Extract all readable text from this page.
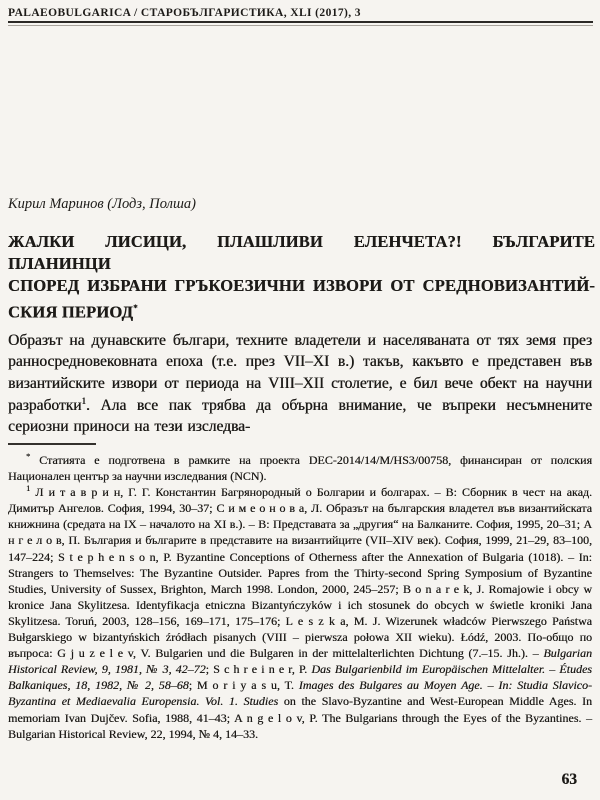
PALAEOBULGARICA / СТАРОБЪЛГАРИСТИКА, XLI (2017), 3
Кирил Маринов (Лодз, Полша)
ЖАЛКИ ЛИСИЦИ, ПЛАШЛИВИ ЕЛЕНЧЕТА?! БЪЛГАРИТЕ ПЛАНИНЦИ
СПОРЕД ИЗБРАНИ ГРЪКОЕЗИЧНИ ИЗВОРИ ОТ СРЕДНОВИЗАНТИЙ-
СКИЯ ПЕРИОД*

Образът на дунавските българи, техните владетели и населяваната от тях земя през ранносредновековната епоха (т.е. през VII–XI в.) такъв, какъвто е представен във византийските извори от периода на VIII–XII столетие, е бил вече обект на научни разработки$^1$. Ала все пак трябва да обърна внимание, че въпреки несъмнените сериозни приноси на тези изследва-

* Статията е подготвена в рамките на проекта DEC-2014/14/M/HS3/00758, финансиран от полския Национален център за научни изследвания (NCN).

$^1$ Л и т а в р и н, Г. Г. Константин Багрянородный о Болгарии и болгарах. – В: Сборник в чест на акад. Димитър Ангелов. София, 1994, 30–37; С и м е о н о в а, Л. Образът на българския владетел във византийската книжнина (средата на IX – началото на XI в.). – В: Представата за „другия“ на Балканите. София, 1995, 20–31; А н г е л о в, П. България и българите в представите на византийците (VII–XIV век). София, 1999, 21–29, 83–100, 147–224; S t e p h e n s o n, P. Byzantine Conceptions of Otherness after the Annexation of Bulgaria (1018). – In: Strangers to Themselves: The Byzantine Outsider. Papres from the Thirty-second Spring Symposium of Byzantine Studies, University of Sussex, Brighton, March 1998. London, 2000, 245–257; B o n a r e k, J. Romajowie i obcy w kronice Jana Skylitzesa. Identyfikacja etniczna Bizantyńczyków i ich stosunek do obcych w świetle kroniki Jana Skylitzesa. Toruń, 2003, 128–156, 169–171, 175–176; L e s z k a, M. J. Wizerunek władców Pierwszego Państwa Bułgarskiego w bizantyńskich źródłach pisanych (VIII – pierwsza połowa XII wieku). Łódź, 2003. По-общо по въпроса: G j u z e l e v, V. Bulgarien und die Bulgaren in der mittelalterlichten Dichtung (7.–15. Jh.). – Bulgarian Historical Review, 9, 1981, № 3, 42–72; S c h r e i n e r, P. Das Bulgarienbild im Europäischen Mittelalter. – Études Balkaniques, 18, 1982, № 2, 58–68; M o r i y a s u, T. Images des Bulgares au Moyen Age. – In: Studia Slavico-Byzantina et Mediaevalia Europensia. Vol. 1. Studies on the Slavo-Byzantine and West-European Middle Ages. In memoriam Ivan Dujčev. Sofia, 1988, 41–43; A n g e l o v, P. The Bulgarians through the Eyes of the Byzantines. – Bulgarian Historical Review, 22, 1994, № 4, 14–33.

63
